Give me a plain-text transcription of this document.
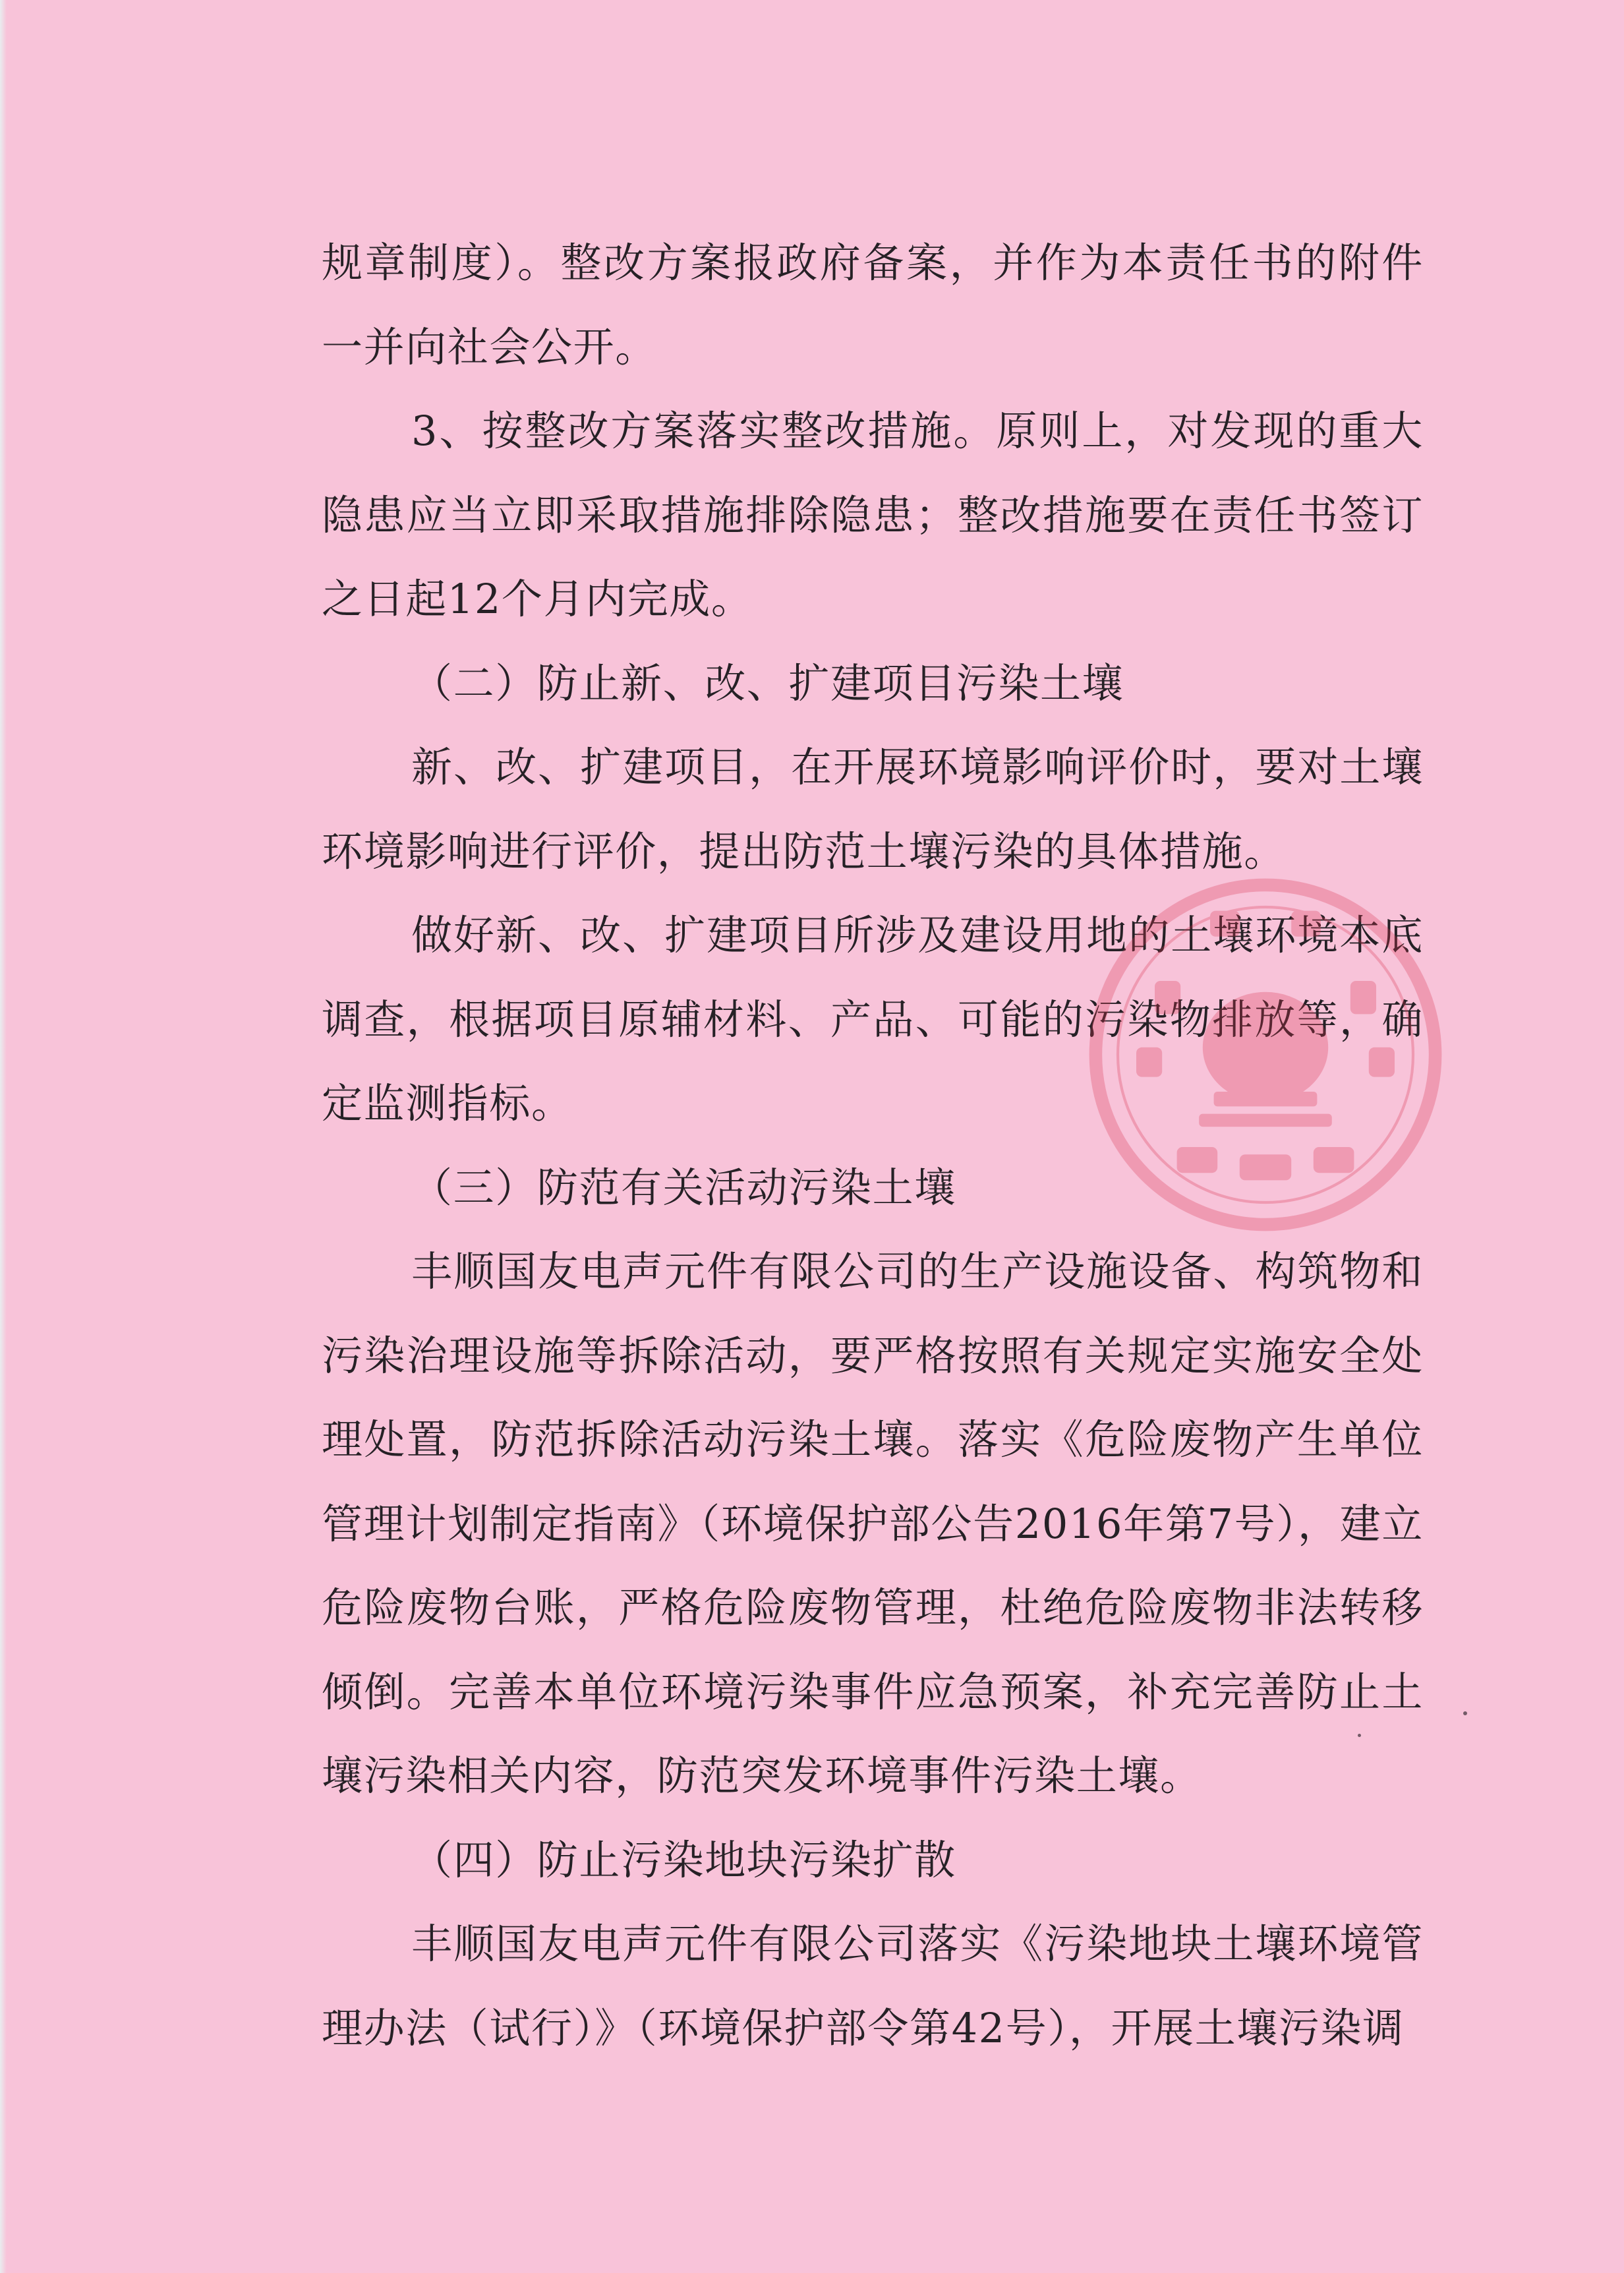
规章制度）。整改方案报政府备案，并作为本责任书的附件一并向社会公开。

3、按整改方案落实整改措施。原则上，对发现的重大隐患应当立即采取措施排除隐患；整改措施要在责任书签订之日起12个月内完成。

（二）防止新、改、扩建项目污染土壤

新、改、扩建项目，在开展环境影响评价时，要对土壤环境影响进行评价，提出防范土壤污染的具体措施。

做好新、改、扩建项目所涉及建设用地的土壤环境本底调查，根据项目原辅材料、产品、可能的污染物排放等，确定监测指标。

（三）防范有关活动污染土壤

丰顺国友电声元件有限公司的生产设施设备、构筑物和污染治理设施等拆除活动，要严格按照有关规定实施安全处理处置，防范拆除活动污染土壤。落实《危险废物产生单位管理计划制定指南》（环境保护部公告2016年第7号），建立危险废物台账，严格危险废物管理，杜绝危险废物非法转移倾倒。完善本单位环境污染事件应急预案，补充完善防止土壤污染相关内容，防范突发环境事件污染土壤。

（四）防止污染地块污染扩散

丰顺国友电声元件有限公司落实《污染地块土壤环境管理办法（试行）》（环境保护部令第42号），开展土壤污染调
